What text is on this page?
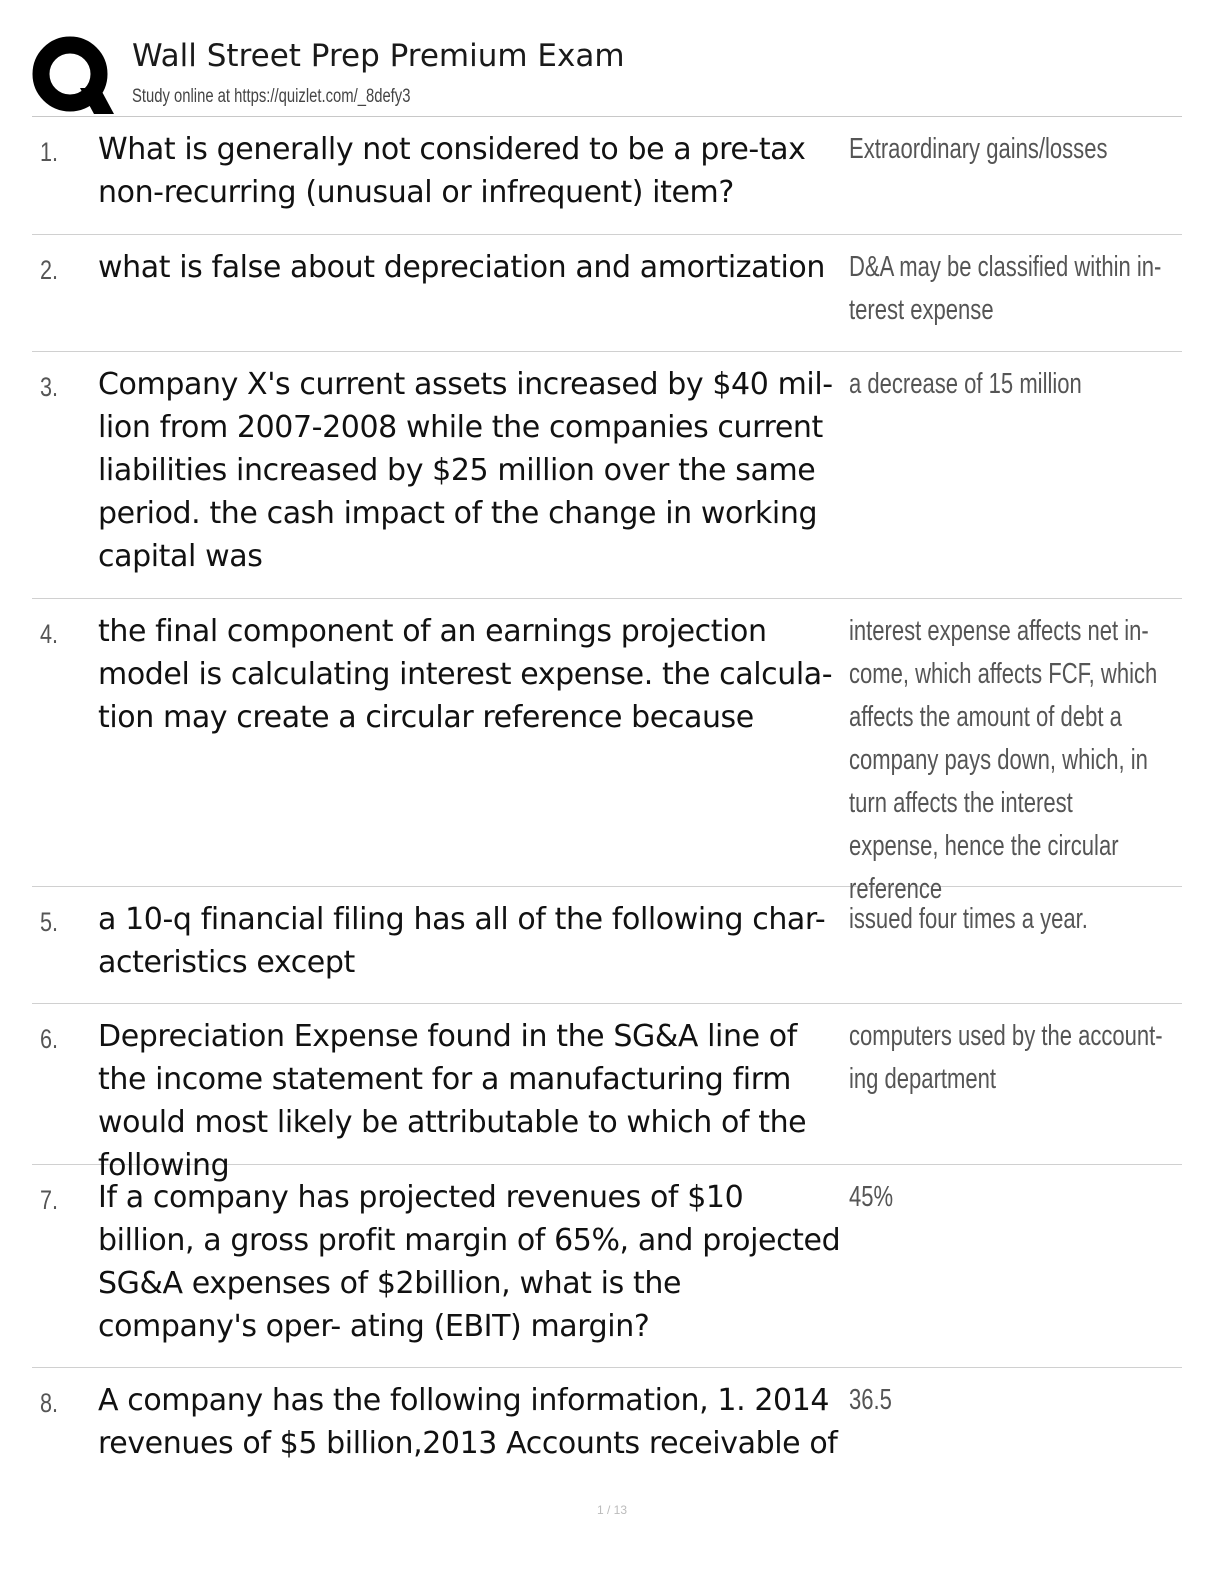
Wall Street Prep Premium Exam
Study online at https://quizlet.com/_8defy3
1. What is generally not considered to be a pre-tax non-recurring (unusual or infrequent) item?
Extraordinary gains/losses
2. what is false about depreciation and amortization D&A may be classified within in- terest expense
3. Company X's current assets increased by $40 mil- lion from 2007-2008 while the companies current liabilities increased by $25 million over the same period. the cash impact of the change in working capital was
a decrease of 15 million
4. the final component of an earnings projection model is calculating interest expense. the calcula- tion may create a circular reference because
interest expense affects net in- come, which affects FCF, which affects the amount of debt a company pays down, which, in turn affects the interest expense, hence the circular reference
5. a 10-q financial filing has all of the following char- acteristics except
issued four times a year.
6. Depreciation Expense found in the SG&A line of the income statement for a manufacturing firm would most likely be attributable to which of the following
computers used by the account- ing department
7. If a company has projected revenues of $10 billion, a gross profit margin of 65%, and projected SG&A expenses of $2billion, what is the company's oper- ating (EBIT) margin?
45%
8. A company has the following information, 1. 2014 revenues of $5 billion,2013 Accounts receivable of
36.5
1 / 13
